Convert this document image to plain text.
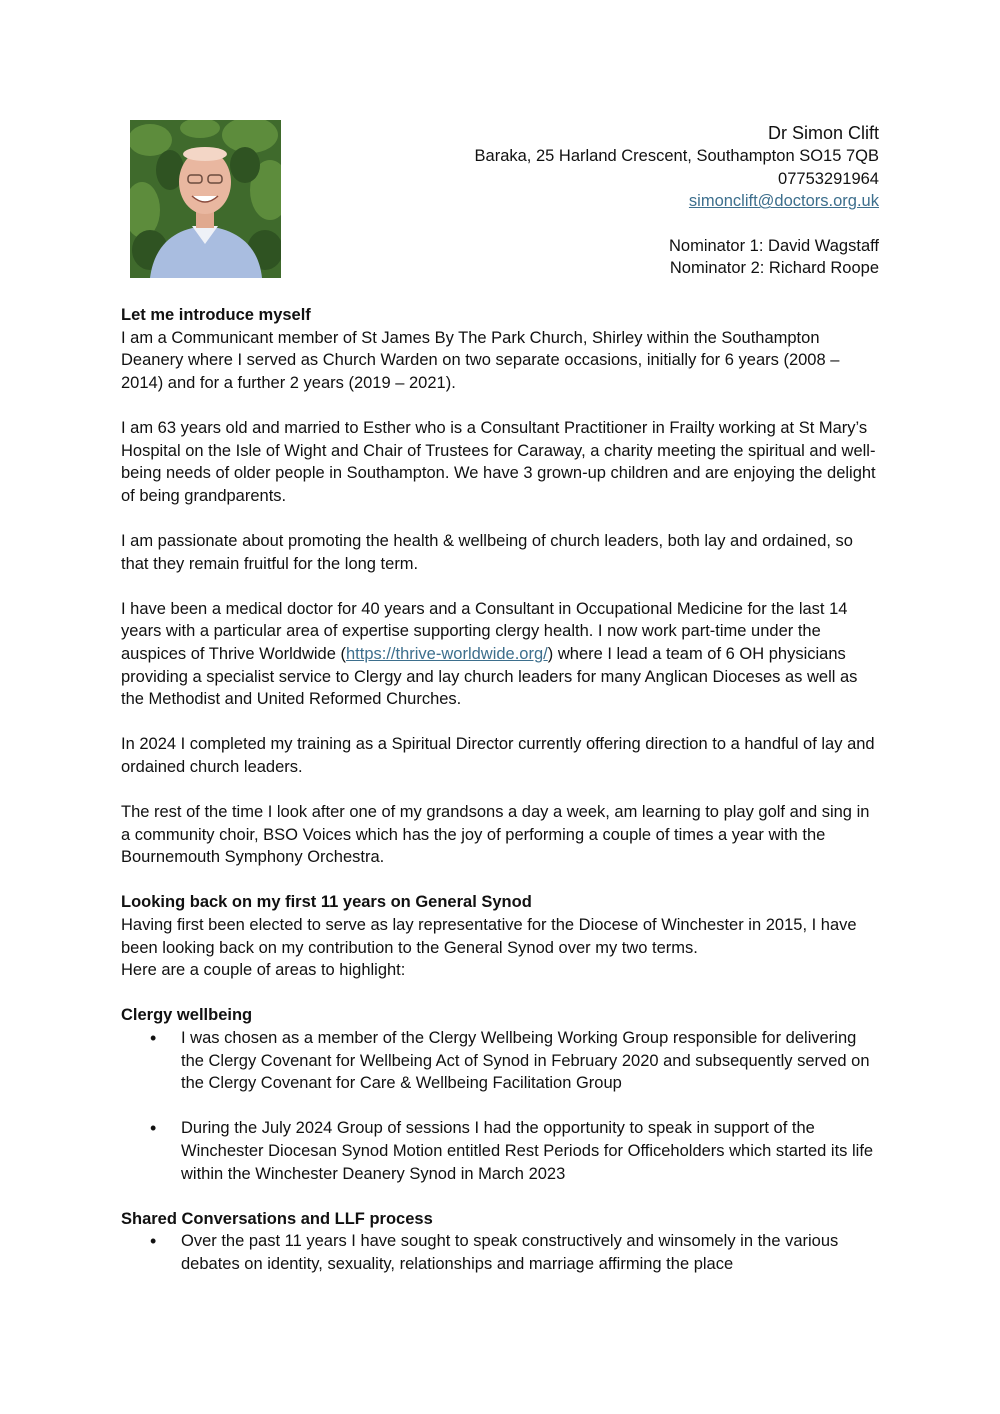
Dr Simon Clift
Baraka, 25 Harland Crescent, Southampton SO15 7QB
07753291964
simonclift@doctors.org.uk
Nominator 1: David Wagstaff
Nominator 2: Richard Roope
Let me introduce myself

I am a Communicant member of St James By The Park Church, Shirley within the Southampton Deanery where I served as Church Warden on two separate occasions, initially for 6 years (2008 – 2014) and for a further 2 years (2019 – 2021).

I am 63 years old and married to Esther who is a Consultant Practitioner in Frailty working at St Mary’s Hospital on the Isle of Wight and Chair of Trustees for Caraway, a charity meeting the spiritual and well-being needs of older people in Southampton. We have 3 grown-up children and are enjoying the delight of being grandparents.

I am passionate about promoting the health & wellbeing of church leaders, both lay and ordained, so that they remain fruitful for the long term.

I have been a medical doctor for 40 years and a Consultant in Occupational Medicine for the last 14 years with a particular area of expertise supporting clergy health. I now work part-time under the auspices of Thrive Worldwide (https://thrive-worldwide.org/) where I lead a team of 6 OH physicians providing a specialist service to Clergy and lay church leaders for many Anglican Dioceses as well as the Methodist and United Reformed Churches.

In 2024 I completed my training as a Spiritual Director currently offering direction to a handful of lay and ordained church leaders.

The rest of the time I look after one of my grandsons a day a week, am learning to play golf and sing in a community choir, BSO Voices which has the joy of performing a couple of times a year with the Bournemouth Symphony Orchestra.

Looking back on my first 11 years on General Synod

Having first been elected to serve as lay representative for the Diocese of Winchester in 2015, I have been looking back on my contribution to the General Synod over my two terms.

Here are a couple of areas to highlight:

Clergy wellbeing
• I was chosen as a member of the Clergy Wellbeing Working Group responsible for delivering the Clergy Covenant for Wellbeing Act of Synod in February 2020 and subsequently served on the Clergy Covenant for Care & Wellbeing Facilitation Group
• During the July 2024 Group of sessions I had the opportunity to speak in support of the Winchester Diocesan Synod Motion entitled Rest Periods for Officeholders which started its life within the Winchester Deanery Synod in March 2023
Shared Conversations and LLF process
• Over the past 11 years I have sought to speak constructively and winsomely in the various debates on identity, sexuality, relationships and marriage affirming the place
